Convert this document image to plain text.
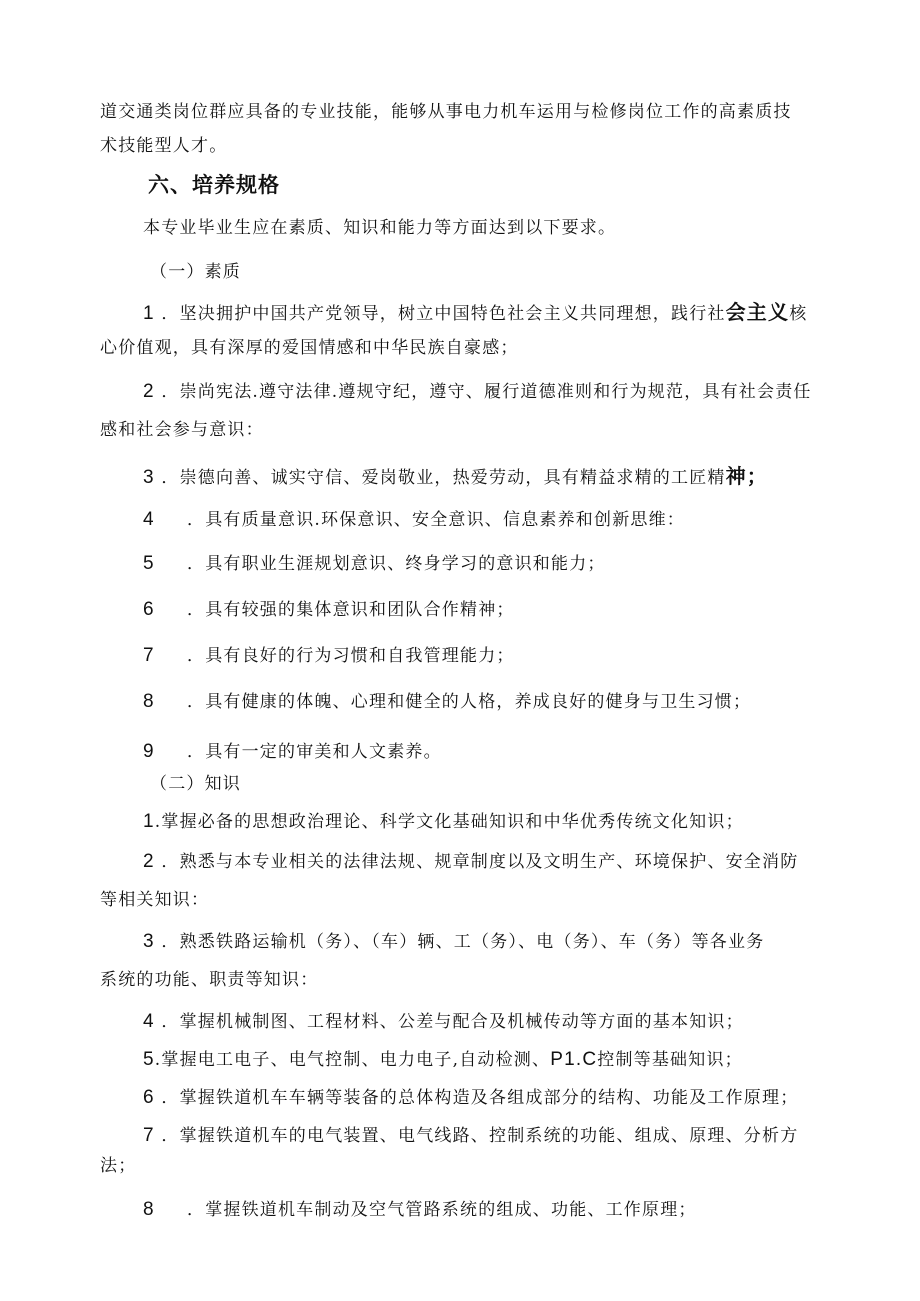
道交通类岗位群应具备的专业技能，能够从事电力机车运用与检修岗位工作的高素质技
术技能型人才。
六、培养规格
本专业毕业生应在素质、知识和能力等方面达到以下要求。
（一）素质
1 ．坚决拥护中国共产党领导，树立中国特色社会主义共同理想，践行社会主义核
心价值观，具有深厚的爱国情感和中华民族自豪感；
2 ．崇尚宪法.遵守法律.遵规守纪，遵守、履行道德准则和行为规范，具有社会责任
感和社会参与意识：
3 ．崇德向善、诚实守信、爱岗敬业，热爱劳动，具有精益求精的工匠精神；
4 ．具有质量意识.环保意识、安全意识、信息素养和创新思维：
5 ．具有职业生涯规划意识、终身学习的意识和能力；
6 ．具有较强的集体意识和团队合作精神；
7 ．具有良好的行为习惯和自我管理能力；
8 ．具有健康的体魄、心理和健全的人格，养成良好的健身与卫生习惯；
9 ．具有一定的审美和人文素养。
（二）知识
1.掌握必备的思想政治理论、科学文化基础知识和中华优秀传统文化知识；
2 ．熟悉与本专业相关的法律法规、规章制度以及文明生产、环境保护、安全消防
等相关知识：
3 ．熟悉铁路运输机（务）、（车）辆、工（务）、电（务）、车（务）等各业务
系统的功能、职责等知识：
4 ．掌握机械制图、工程材料、公差与配合及机械传动等方面的基本知识；
5.掌握电工电子、电气控制、电力电子,自动检测、P1.C控制等基础知识；
6 ．掌握铁道机车车辆等装备的总体构造及各组成部分的结构、功能及工作原理；
7 ．掌握铁道机车的电气装置、电气线路、控制系统的功能、组成、原理、分析方
法；
8 ．掌握铁道机车制动及空气管路系统的组成、功能、工作原理；
